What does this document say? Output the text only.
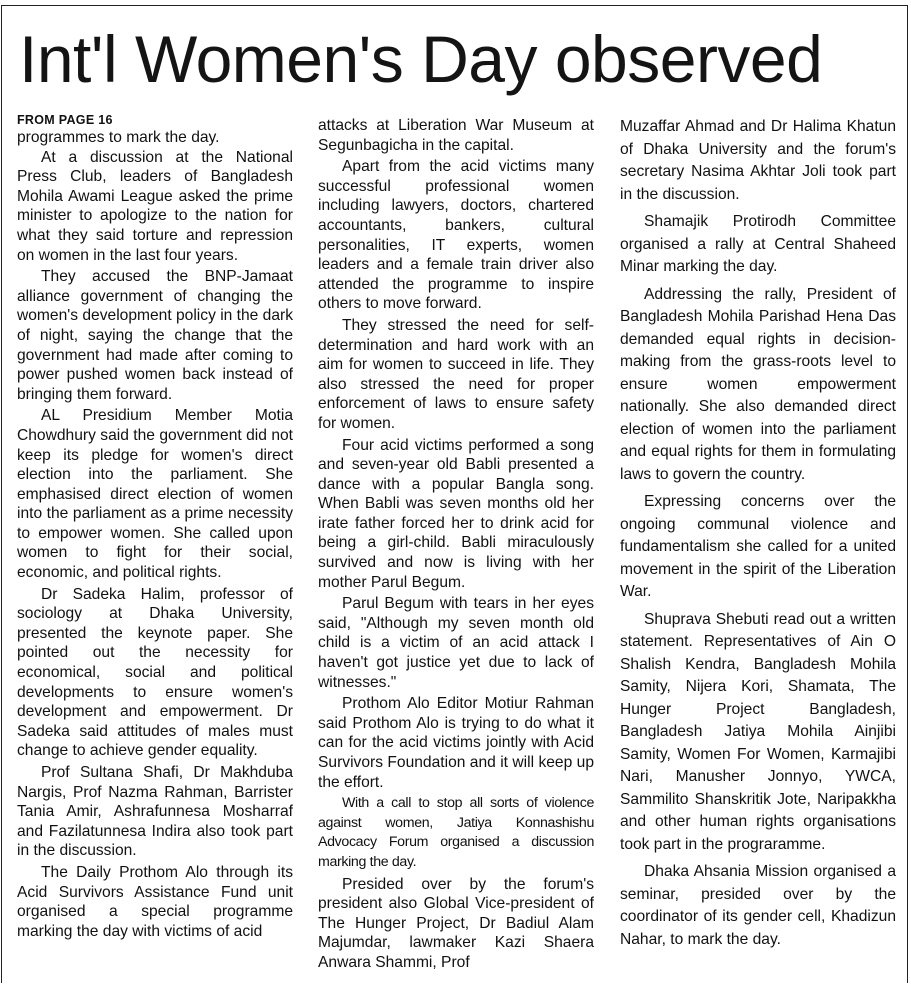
Int'l Women's Day observed
FROM PAGE 16

programmes to mark the day.

At a discussion at the National Press Club, leaders of Bangladesh Mohila Awami League asked the prime minister to apologize to the nation for what they said torture and repression on women in the last four years.

They accused the BNP-Jamaat alliance government of changing the women's development policy in the dark of night, saying the change that the government had made after coming to power pushed women back instead of bringing them forward.

AL Presidium Member Motia Chowdhury said the government did not keep its pledge for women's direct election into the parliament. She emphasised direct election of women into the parliament as a prime necessity to empower women. She called upon women to fight for their social, economic, and political rights.

Dr Sadeka Halim, professor of sociology at Dhaka University, presented the keynote paper. She pointed out the necessity for economical, social and political developments to ensure women's development and empowerment. Dr Sadeka said attitudes of males must change to achieve gender equality.

Prof Sultana Shafi, Dr Makhduba Nargis, Prof Nazma Rahman, Barrister Tania Amir, Ashrafunnesa Mosharraf and Fazilatunnesa Indira also took part in the discussion.

The Daily Prothom Alo through its Acid Survivors Assistance Fund unit organised a special programme marking the day with victims of acid

attacks at Liberation War Museum at Segunbagicha in the capital.

Apart from the acid victims many successful professional women including lawyers, doctors, chartered accountants, bankers, cultural personalities, IT experts, women leaders and a female train driver also attended the programme to inspire others to move forward.

They stressed the need for self-determination and hard work with an aim for women to succeed in life. They also stressed the need for proper enforcement of laws to ensure safety for women.

Four acid victims performed a song and seven-year old Babli presented a dance with a popular Bangla song. When Babli was seven months old her irate father forced her to drink acid for being a girl-child. Babli miraculously survived and now is living with her mother Parul Begum.

Parul Begum with tears in her eyes said, "Although my seven month old child is a victim of an acid attack I haven't got justice yet due to lack of witnesses."

Prothom Alo Editor Motiur Rahman said Prothom Alo is trying to do what it can for the acid victims jointly with Acid Survivors Foundation and it will keep up the effort.

With a call to stop all sorts of violence against women, Jatiya Konnashishu Advocacy Forum organised a discussion marking the day.

Presided over by the forum's president also Global Vice-president of The Hunger Project, Dr Badiul Alam Majumdar, lawmaker Kazi Shaera Anwara Shammi, Prof

Muzaffar Ahmad and Dr Halima Khatun of Dhaka University and the forum's secretary Nasima Akhtar Joli took part in the discussion.

Shamajik Protirodh Committee organised a rally at Central Shaheed Minar marking the day.

Addressing the rally, President of Bangladesh Mohila Parishad Hena Das demanded equal rights in decision-making from the grass-roots level to ensure women empowerment nationally. She also demanded direct election of women into the parliament and equal rights for them in formulating laws to govern the country.

Expressing concerns over the ongoing communal violence and fundamentalism she called for a united movement in the spirit of the Liberation War.

Shuprava Shebuti read out a written statement. Representatives of Ain O Shalish Kendra, Bangladesh Mohila Samity, Nijera Kori, Shamata, The Hunger Project Bangladesh, Bangladesh Jatiya Mohila Ainjibi Samity, Women For Women, Karmajibi Nari, Manusher Jonnyo, YWCA, Sammilito Shanskritik Jote, Naripakkha and other human rights organisations took part in the prograramme.

Dhaka Ahsania Mission organised a seminar, presided over by the coordinator of its gender cell, Khadizun Nahar, to mark the day.
